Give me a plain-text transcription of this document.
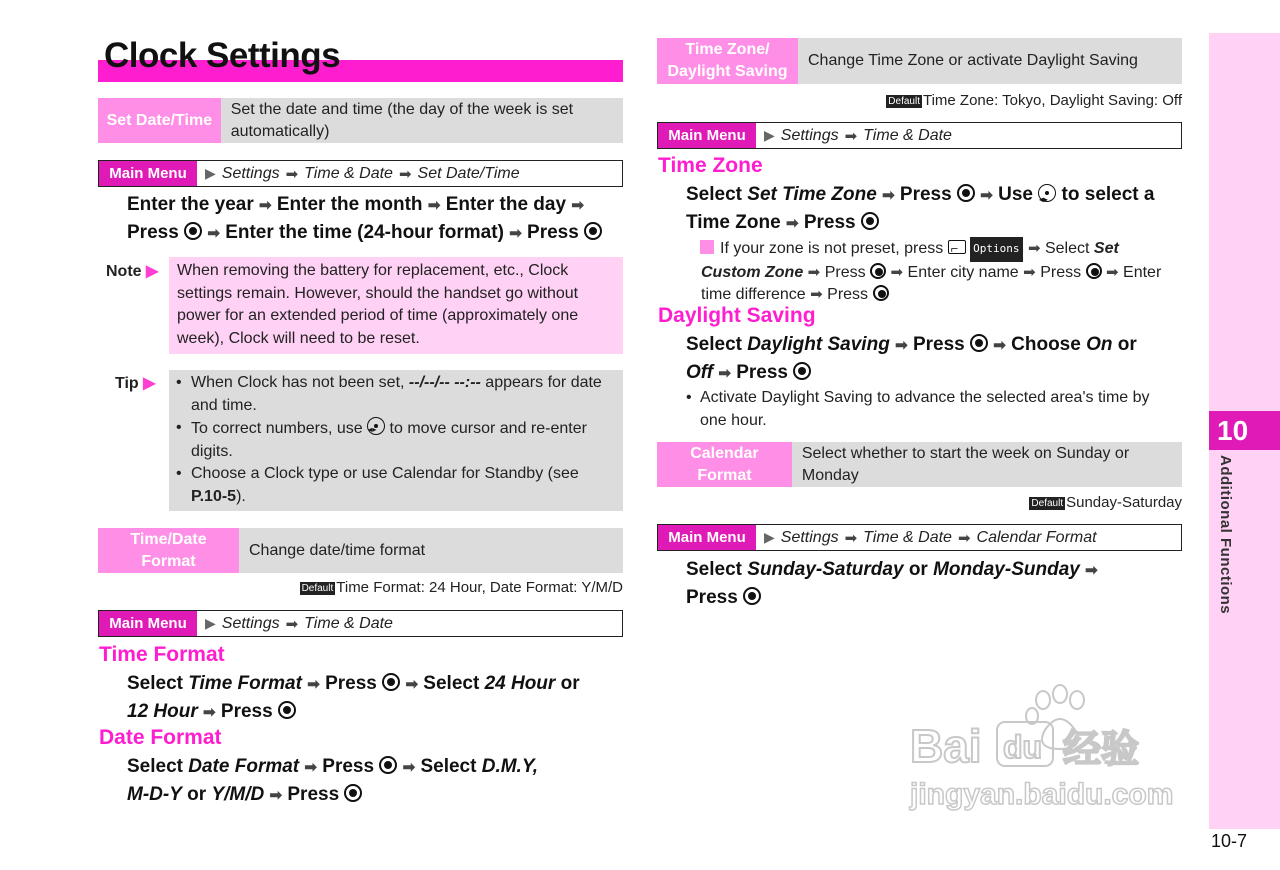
Clock Settings
Set Date/Time
Set the date and time (the day of the week is set automatically)
Main Menu	▶ Settings ➡ Time & Date ➡ Set Date/Time
Enter the year ➡ Enter the month ➡ Enter the day ➡
Press ➡ Enter the time (24-hour format) ➡ Press
Note ▶	When removing the battery for replacement, etc., Clock settings remain. However, should the handset go without power for an extended period of time (approximately one week), Clock will need to be reset.
Tip ▶ • When Clock has not been set, --/--/-- --:-- appears for date and time.
• To correct numbers, use ◂ ▸ to move cursor and re-enter digits.
• Choose a Clock type or use Calendar for Standby (see P.10-5).
Time/Date Format
Change date/time format
Default Time Format: 24 Hour, Date Format: Y/M/D
Main Menu	▶ Settings ➡ Time & Date
Time Format
Select Time Format ➡ Press ➡ Select 24 Hour or
12 Hour ➡ Press
Date Format
Select Date Format ➡ Press ➡ Select D.M.Y,
M-D-Y or Y/M/D ➡ Press
Time Zone/ Daylight Saving
Change Time Zone or activate Daylight Saving
Default Time Zone: Tokyo, Daylight Saving: Off
Main Menu	▶ Settings ➡ Time & Date
Time Zone
Select Set Time Zone ➡ Press ➡ Use ◂ ▸ to select a Time Zone ➡ Press
If your zone is not preset, press ⌐	Options ➡ Select Set Custom Zone ➡ Press ➡ Enter city name ➡ Press ➡ Enter time difference ➡ Press
Daylight Saving
Select Daylight Saving ➡ Press ➡ Choose On or
Off ➡ Press
• Activate Daylight Saving to advance the selected area's time by one hour.
Calendar Format
Select whether to start the week on Sunday or Monday
Default Sunday-Saturday
Main Menu	▶ Settings ➡ Time & Date ➡ Calendar Format
Select Sunday-Saturday or Monday-Sunday ➡
Press
Bai du 经验
jingyan.baidu.com
10
Additional Functions
10-7
